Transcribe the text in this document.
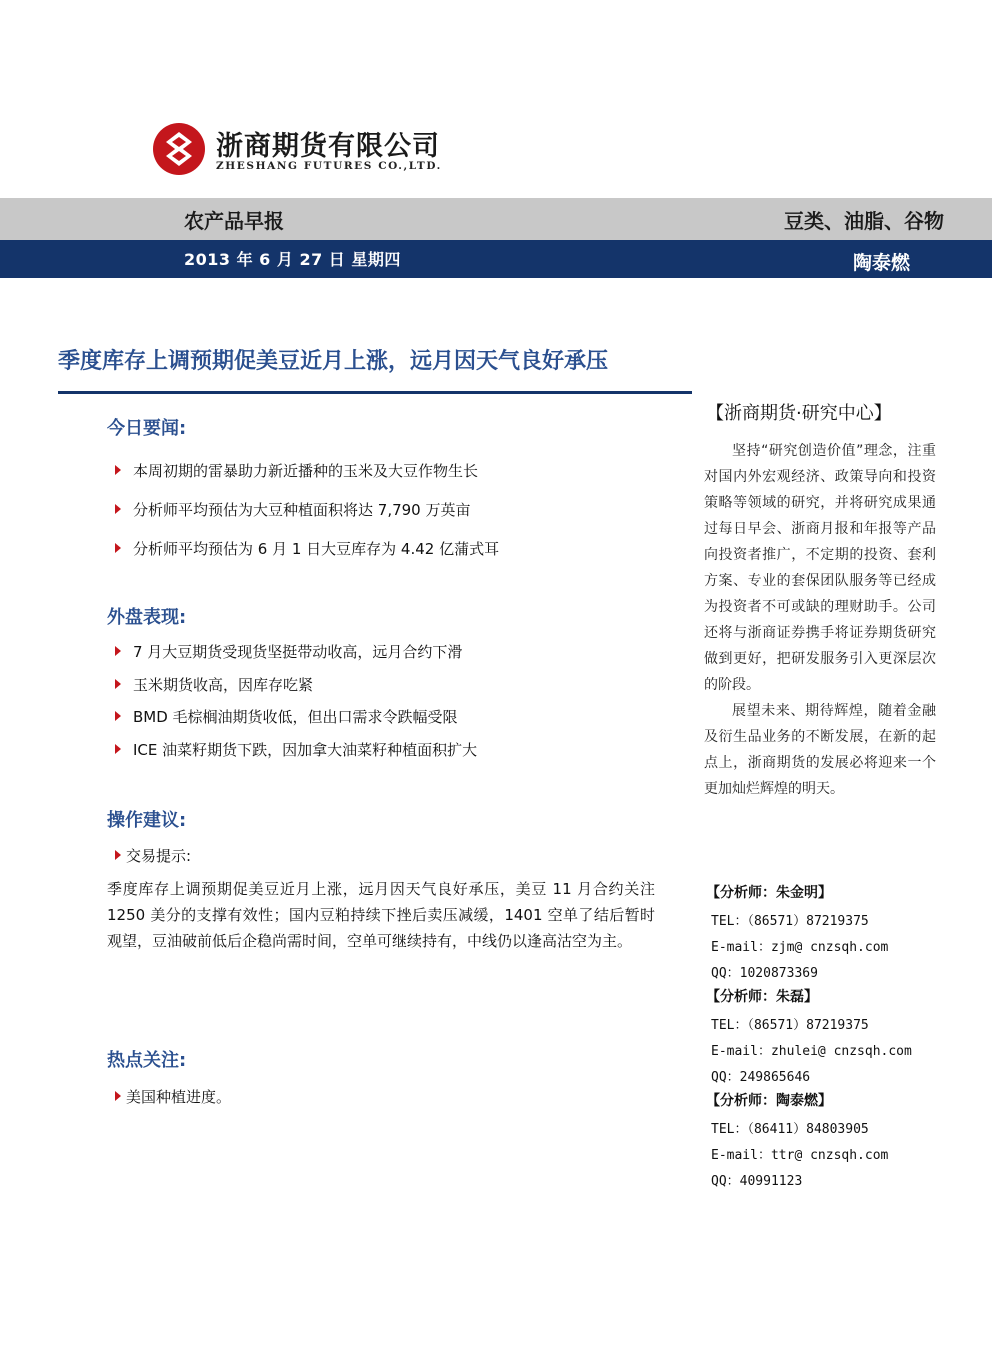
浙商期货有限公司
ZHESHANG FUTURES CO.,LTD.
农产品早报	豆类、油脂、谷物
2013 年 6 月 27 日 星期四	陶泰燃
季度库存上调预期促美豆近月上涨，远月因天气良好承压
今日要闻:
本周初期的雷暴助力新近播种的玉米及大豆作物生长
分析师平均预估为大豆种植面积将达 7,790 万英亩
分析师平均预估为 6 月 1 日大豆库存为 4.42 亿蒲式耳
外盘表现:
7 月大豆期货受现货坚挺带动收高，远月合约下滑
玉米期货收高，因库存吃紧
BMD 毛棕榈油期货收低，但出口需求令跌幅受限
ICE 油菜籽期货下跌，因加拿大油菜籽种植面积扩大
操作建议:
交易提示:
季度库存上调预期促美豆近月上涨，远月因天气良好承压，美豆 11 月合约关注 1250 美分的支撑有效性；国内豆粕持续下挫后卖压减缓，1401 空单了结后暂时观望，豆油破前低后企稳尚需时间，空单可继续持有，中线仍以逢高沽空为主。
热点关注:
美国种植进度。
【浙商期货·研究中心】
坚持“研究创造价值”理念，注重对国内外宏观经济、政策导向和投资策略等领域的研究，并将研究成果通过每日早会、浙商月报和年报等产品向投资者推广，不定期的投资、套利方案、专业的套保团队服务等已经成为投资者不可或缺的理财助手。公司还将与浙商证券携手将证券期货研究做到更好，把研发服务引入更深层次的阶段。
展望未来、期待辉煌，随着金融及衍生品业务的不断发展，在新的起点上，浙商期货的发展必将迎来一个更加灿烂辉煌的明天。
【分析师：朱金明】
TEL：（86571）87219375
E-mail：zjm@ cnzsqh.com
QQ：1020873369
【分析师：朱磊】
TEL：（86571）87219375
E-mail：zhulei@ cnzsqh.com
QQ：249865646
【分析师：陶泰燃】
TEL：（86411）84803905
E-mail：ttr@ cnzsqh.com
QQ：40991123
